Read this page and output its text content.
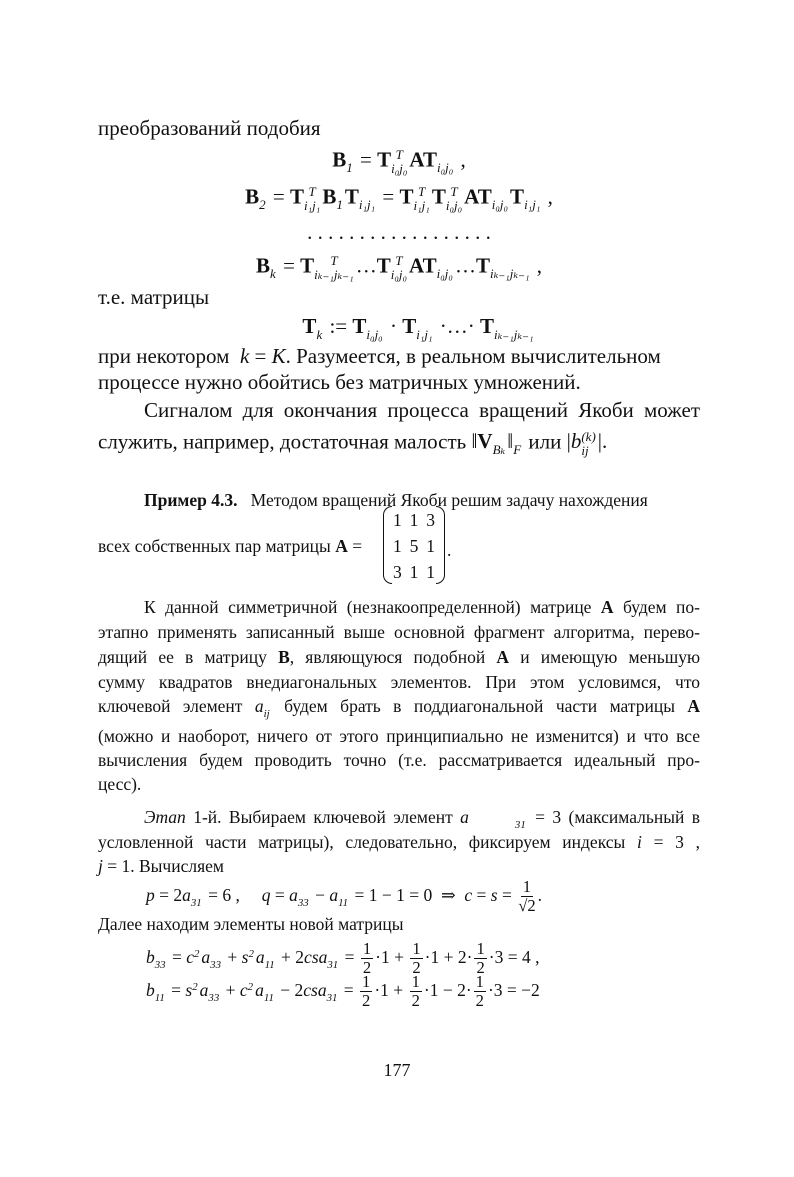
преобразований подобия
B 1 = T T
i₀j₀ AT i₀j₀ ,
B 2 = T T
i₁j₁ B 1 T i₁j₁ = T T
i₁j₁ T T
i₀j₀ AT i₀j₀ T i₁j₁ ,
. . . . . . . . . . . . . . . . . .
B k = T	T
iₖ₋₁jₖ₋₁ …T T
i₀j₀ AT i₀j₀ …T iₖ₋₁jₖ₋₁ ,
т.е. матрицы
T k := T i₀j₀ · T i₁j₁ ·…· T iₖ₋₁jₖ₋₁
при некотором k = K. Разумеется, в реальном вычислительном
процессе нужно обойтись без матричных умножений.
Сигналом для окончания процесса вращений Якоби может
служить, например, достаточная малость ‖V Bₖ ‖ F или |b (k)
ij |.
Пример 4.3. Методом вращений Якоби решим задачу нахождения
всех собственных пар матрицы A =
1 1 3
1 5 1
3 1 1
.
К данной симметричной (незнакоопределенной) матрице A будем по-
этапно применять записанный выше основной фрагмент алгоритма, перево-
дящий ее в матрицу B, являющуюся подобной A и имеющую меньшую
сумму квадратов внедиагональных элементов. При этом условимся, что
ключевой элемент a ij будем брать в поддиагональной части матрицы A
(можно и наоборот, ничего от этого принципиально не изменится) и что все
вычисления будем проводить точно (т.е. рассматривается идеальный про-
цесс).
Этап 1-й. Выбираем ключевой элемент a	31 = 3 (максимальный в
условленной части матрицы), следовательно, фиксируем индексы i = 3 ,
j = 1. Вычисляем
p = 2a 31 = 6 ,     q = a 33 − a 11 = 1 − 1 = 0  ⇒  $c = s = \frac{1}{√2}$ .
Далее находим элементы новой матрицы
b 33 = c 2 a 33 + s 2 a 11 + 2csa $31 = \frac{1}{2} \cdot 1 + \frac{1}{2} \cdot 1 + 2\cdot \frac{1}{2} \cdot 3 = 4$ ,
b 11 = s 2 a 33 + c 2 a 11 − 2csa $31 = \frac{1}{2} \cdot 1 + \frac{1}{2} \cdot 1 - 2\cdot \frac{1}{2} \cdot 3 = -2$
177
